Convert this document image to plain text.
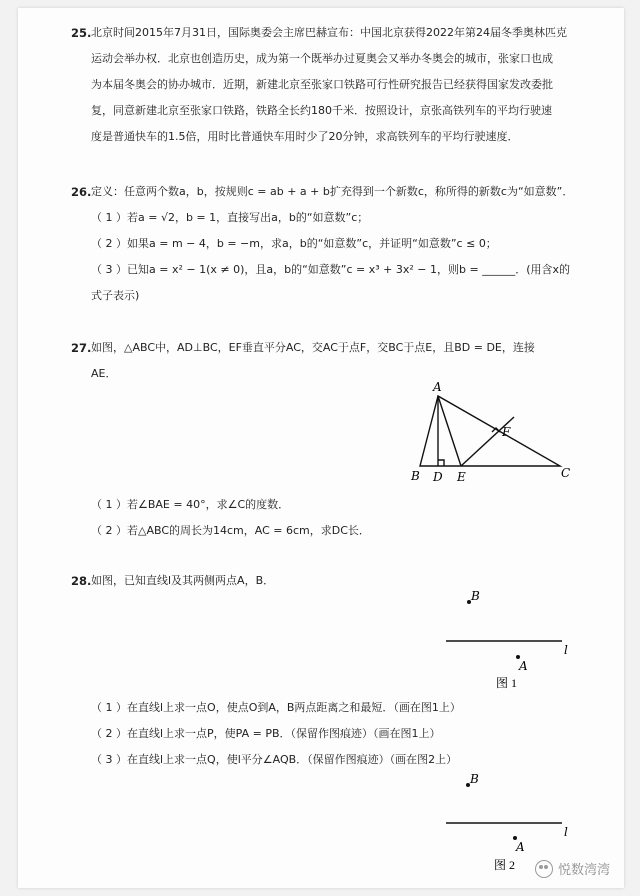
25. 北京时间2015年7月31日，国际奥委会主席巴赫宣布：中国北京获得2022年第24届冬季奥林匹克
运动会举办权．北京也创造历史，成为第一个既举办过夏奥会又举办冬奥会的城市，张家口也成
为本届冬奥会的协办城市．近期，新建北京至张家口铁路可行性研究报告已经获得国家发改委批
复，同意新建北京至张家口铁路，铁路全长约180千米．按照设计，京张高铁列车的平均行驶速
度是普通快车的1.5倍，用时比普通快车用时少了20分钟，求高铁列车的平均行驶速度．
26. 定义：任意两个数a，b，按规则c = ab + a + b扩充得到一个新数c，称所得的新数c为“如意数”．
（ 1 ）若a = √2，b = 1，直接写出a，b的“如意数”c；
（ 2 ）如果a = m − 4，b = −m，求a，b的“如意数”c，并证明“如意数”c ≤ 0；
（ 3 ）已知a = x² − 1(x ≠ 0)，且a，b的“如意数”c = x³ + 3x² − 1，则b = ______．(用含x的
式子表示)
27. 如图，△ABC中，AD⊥BC，EF垂直平分AC，交AC于点F，交BC于点E，且BD = DE，连接
AE．
A
B D E	C
F
（ 1 ）若∠BAE = 40°，求∠C的度数．
（ 2 ）若△ABC的周长为14cm，AC = 6cm，求DC长．
28. 如图，已知直线l及其两侧两点A，B．
B
l
A
图 1
（ 1 ）在直线l上求一点O，使点O到A，B两点距离之和最短．（画在图1上）
（ 2 ）在直线l上求一点P，使PA = PB．（保留作图痕迹）（画在图1上）
（ 3 ）在直线l上求一点Q，使l平分∠AQB．（保留作图痕迹）（画在图2上）
B
l
A
图 2	悦数湾湾
